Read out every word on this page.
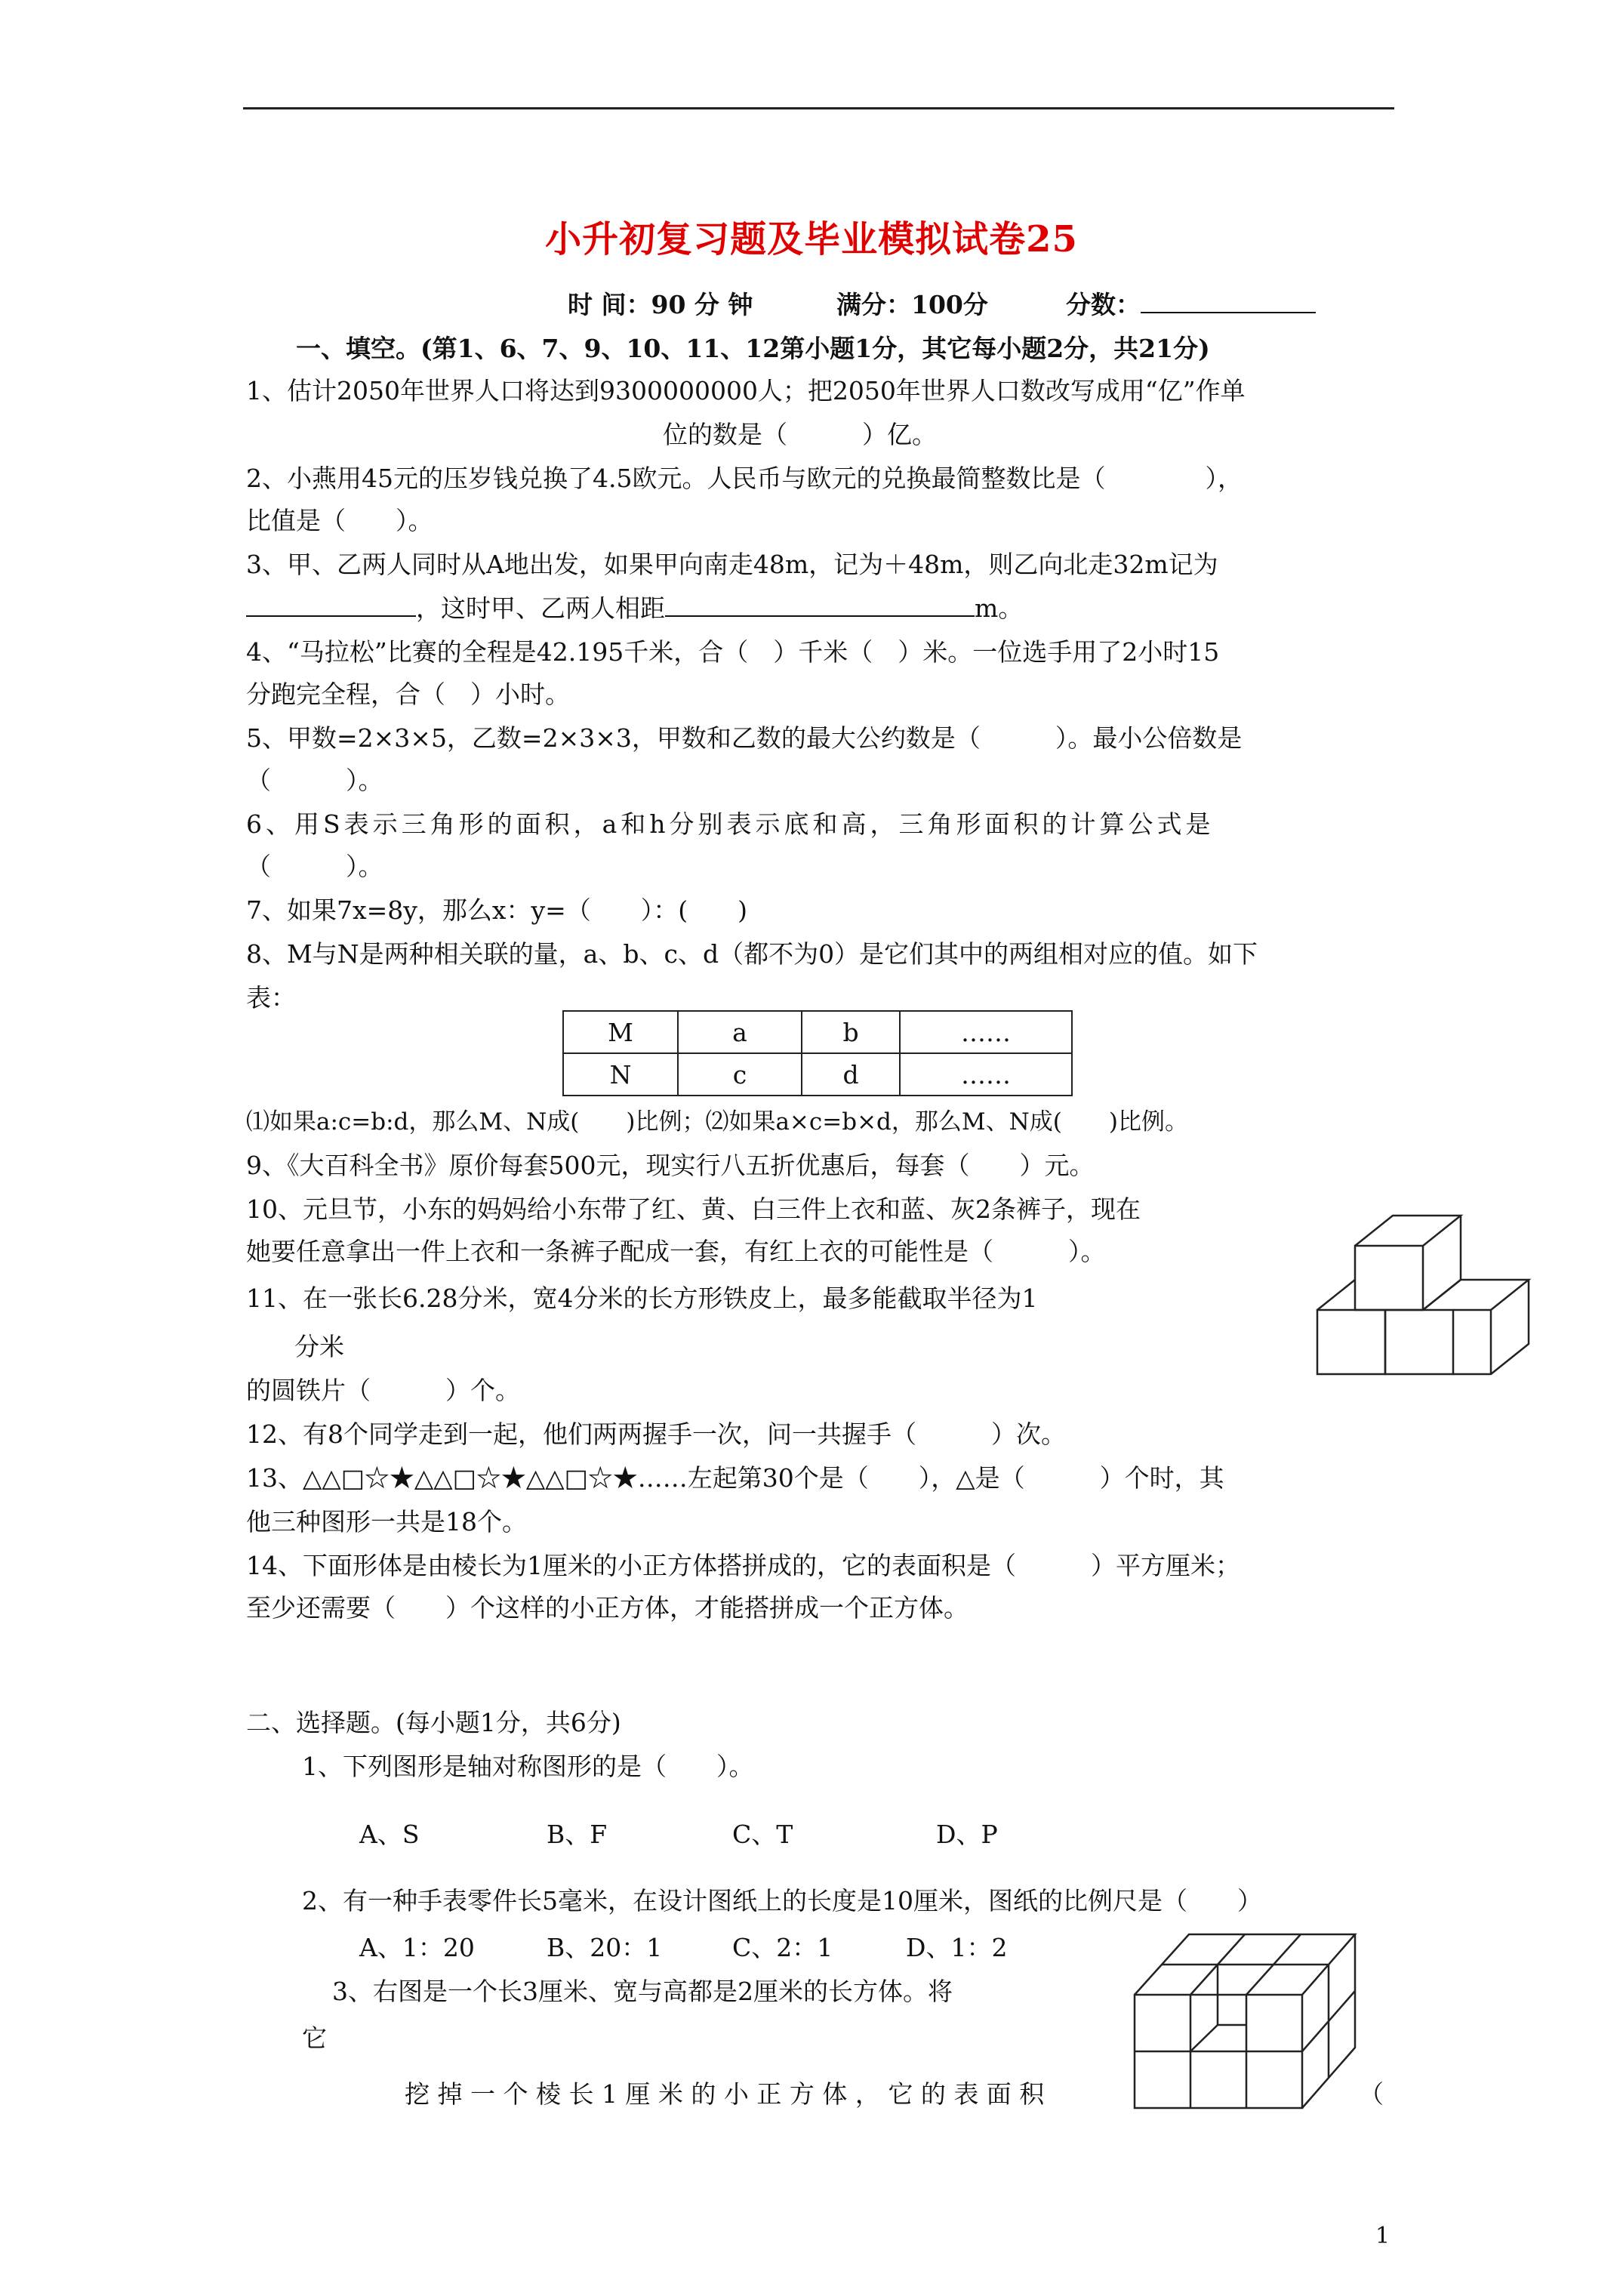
小升初复习题及毕业模拟试卷25
时 间：90 分 钟	满分：100分	分数：
一、填空。(第1、6、7、9、10、11、12第小题1分，其它每小题2分，共21分)
1、估计2050年世界人口将达到9300000000人；把2050年世界人口数改写成用“亿”作单
位的数是（　　　）亿。
2、小燕用45元的压岁钱兑换了4.5欧元。人民币与欧元的兑换最简整数比是（　　　　），
比值是（　　）。
3、甲、乙两人同时从A地出发，如果甲向南走48m，记为＋48m，则乙向北走32m记为
，这时甲、乙两人相距	m。
4、“马拉松”比赛的全程是42.195千米，合（　）千米（　）米。一位选手用了2小时15
分跑完全程，合（　）小时。
5、甲数=2×3×5，乙数=2×3×3，甲数和乙数的最大公约数是（　　　）。最小公倍数是
（　　　）。
6、用S表示三角形的面积，a和h分别表示底和高，三角形面积的计算公式是
（　　　）。
7、如果7x=8y，那么x：y=（　　）：(　　)
8、M与N是两种相关联的量，a、b、c、d（都不为0）是它们其中的两组相对应的值。如下
表：
M	a	b	……
N	c	d	……
⑴如果a:c=b:d，那么M、N成(　　)比例；⑵如果a×c=b×d，那么M、N成(　　)比例。
9、《大百科全书》原价每套500元，现实行八五折优惠后，每套（　　）元。
10、元旦节，小东的妈妈给小东带了红、黄、白三件上衣和蓝、灰2条裤子，现在
她要任意拿出一件上衣和一条裤子配成一套，有红上衣的可能性是（　　　）。
11、在一张长6.28分米，宽4分米的长方形铁皮上，最多能截取半径为1
分米
的圆铁片（　　　）个。
12、有8个同学走到一起，他们两两握手一次，问一共握手（　　　）次。
13、△△□☆★△△□☆★△△□☆★……左起第30个是（　　），△是（　　　）个时，其
他三种图形一共是18个。
14、下面形体是由棱长为1厘米的小正方体搭拼成的，它的表面积是（　　　）平方厘米；
至少还需要（　　）个这样的小正方体，才能搭拼成一个正方体。
二、选择题。(每小题1分，共6分)
1、下列图形是轴对称图形的是（　　）。
A、S	B、F	C、T	D、P
2、有一种手表零件长5毫米，在设计图纸上的长度是10厘米，图纸的比例尺是（　　）
A、1：20	B、20：1	C、2：1	D、1：2
3、右图是一个长3厘米、宽与高都是2厘米的长方体。将
它
挖 掉 一 个 棱 长 1 厘 米 的 小 正 方 体 ， 它 的 表 面 积	（
1
